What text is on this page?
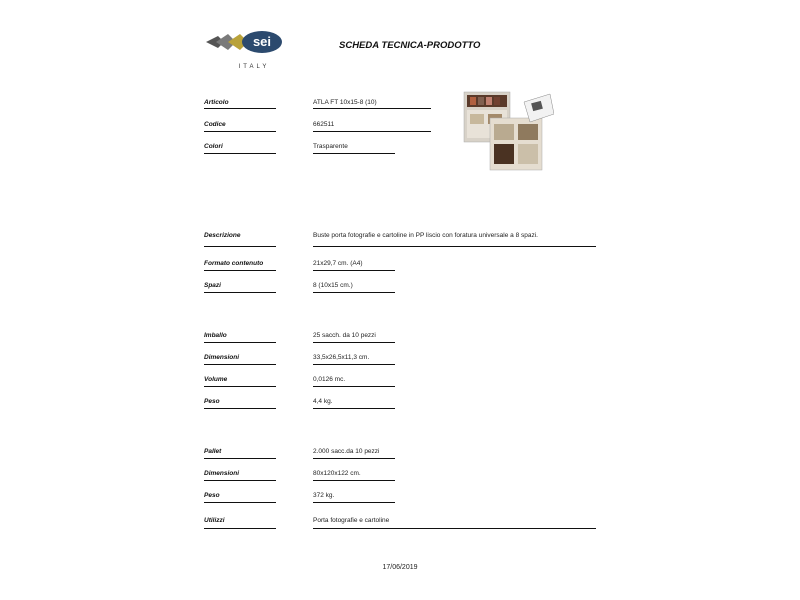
sei
ITALY
SCHEDA TECNICA-PRODOTTO
Articolo	ATLA FT 10x15-8 (10)
Codice	662511
Colori	Trasparente
Descrizione	Buste porta fotografie e cartoline in PP liscio con foratura universale a 8 spazi.
Formato contenuto	21x29,7 cm. (A4)
Spazi	8 (10x15 cm.)
Imballo	25 sacch. da 10 pezzi
Dimensioni	33,5x26,5x11,3 cm.
Volume	0,0126 mc.
Peso	4,4 kg.
Pallet	2.000 sacc.da 10 pezzi
Dimensioni	80x120x122 cm.
Peso	372 kg.
Utilizzi	Porta fotografie e cartoline
17/06/2019
